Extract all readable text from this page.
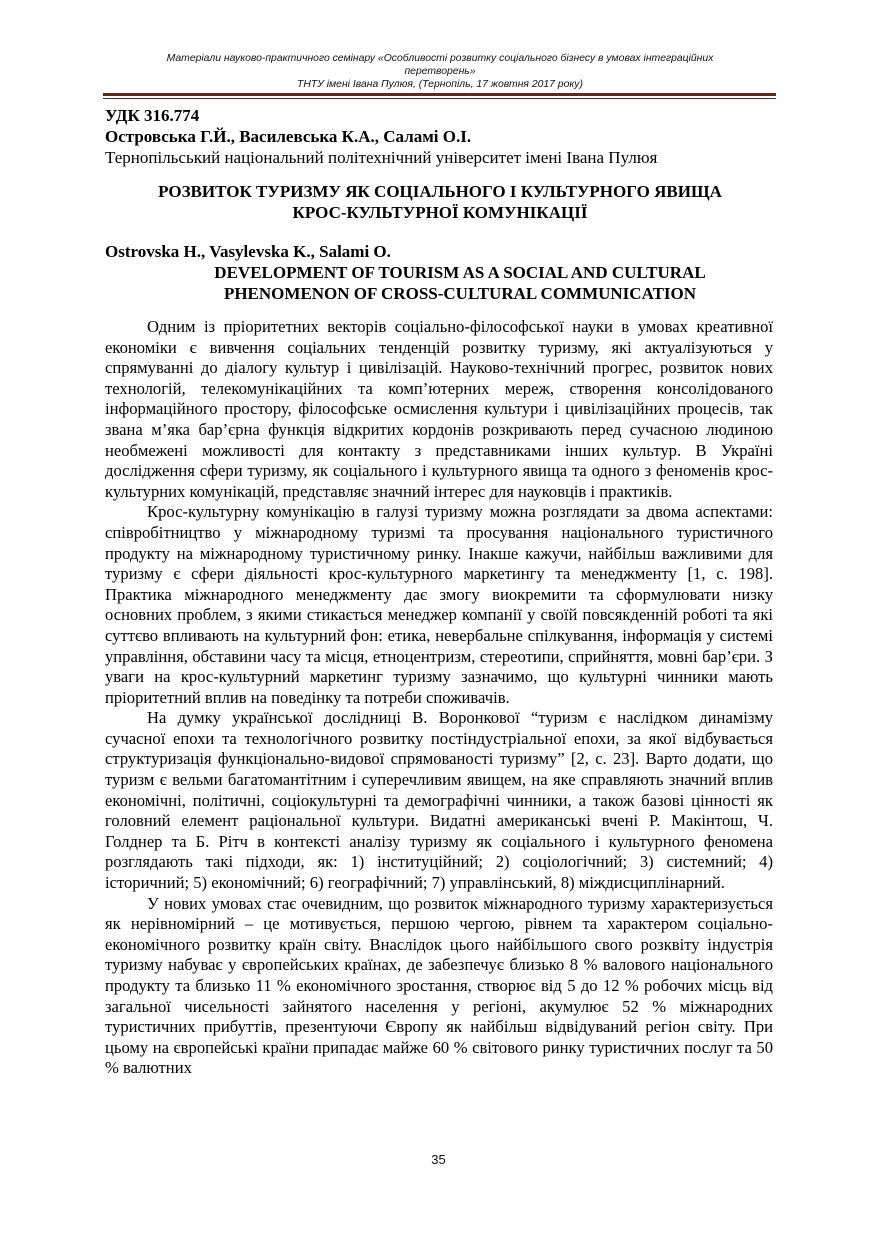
Матеріали науково-практичного семінару «Особливості розвитку соціального бізнесу в умовах інтеграційних
перетворень»
ТНТУ імені Івана Пулюя, (Тернопіль, 17 жовтня 2017 року)
УДК 316.774
Островська Г.Й., Василевська К.А., Саламі О.І.
Тернопільський національний політехнічний університет імені Івана Пулюя
РОЗВИТОК ТУРИЗМУ ЯК СОЦІАЛЬНОГО І КУЛЬТУРНОГО ЯВИЩА
КРОС-КУЛЬТУРНОЇ КОМУНІКАЦІЇ
Ostrovska H., Vasylevska K., Salami O.
DEVELOPMENT OF TOURISM AS A SOCIAL AND CULTURAL
PHENOMENON OF CROSS-CULTURAL COMMUNICATION

Одним із пріоритетних векторів соціально-філософської науки в умовах креативної економіки є вивчення соціальних тенденцій розвитку туризму, які актуалізуються у спрямуванні до діалогу культур і цивілізацій. Науково-технічний прогрес, розвиток нових технологій, телекомунікаційних та комп’ютерних мереж, створення консолідованого інформаційного простору, філософське осмислення культури і цивілізаційних процесів, так звана м’яка бар’єрна функція відкритих кордонів розкривають перед сучасною людиною необмежені можливості для контакту з представниками інших культур. В Україні дослідження сфери туризму, як соціального і культурного явища та одного з феноменів крос-культурних комунікацій, представляє значний інтерес для науковців і практиків.

Крос-культурну комунікацію в галузі туризму можна розглядати за двома аспектами: співробітництво у міжнародному туризмі та просування національного туристичного продукту на міжнародному туристичному ринку. Інакше кажучи, найбільш важливими для туризму є сфери діяльності крос-культурного маркетингу та менеджменту [1, с. 198]. Практика міжнародного менеджменту дає змогу виокремити та сформулювати низку основних проблем, з якими стикається менеджер компанії у своїй повсякденній роботі та які суттєво впливають на культурний фон: етика, невербальне спілкування, інформація у системі управління, обставини часу та місця, етноцентризм, стереотипи, сприйняття, мовні бар’єри. З уваги на крос-культурний маркетинг туризму зазначимо, що культурні чинники мають пріоритетний вплив на поведінку та потреби споживачів.

На думку української дослідниці В. Воронкової “туризм є наслідком динамізму сучасної епохи та технологічного розвитку постіндустріальної епохи, за якої відбувається структуризація функціонально-видової спрямованості туризму” [2, с. 23]. Варто додати, що туризм є вельми багатомантітним і суперечливим явищем, на яке справляють значний вплив економічні, політичні, соціокультурні та демографічні чинники, а також базові цінності як головний елемент раціональної культури. Видатні американські вчені Р. Макінтош, Ч. Голднер та Б. Рітч в контексті аналізу туризму як соціального і культурного феномена розглядають такі підходи, як: 1) інституційний; 2) соціологічний; 3) системний; 4) історичний; 5) економічний; 6) географічний; 7) управлінський, 8) міждисциплінарний.

У нових умовах стає очевидним, що розвиток міжнародного туризму характеризується як нерівномірний – це мотивується, першою чергою, рівнем та характером соціально-економічного розвитку країн світу. Внаслідок цього найбільшого свого розквіту індустрія туризму набуває у європейських країнах, де забезпечує близько 8 % валового національного продукту та близько 11 % економічного зростання, створює від 5 до 12 % робочих місць від загальної чисельності зайнятого населення у регіоні, акумулює 52 % міжнародних туристичних прибуттів, презентуючи Європу як найбільш відвідуваний регіон світу. При цьому на європейські країни припадає майже 60 % світового ринку туристичних послуг та 50 % валютних

35
